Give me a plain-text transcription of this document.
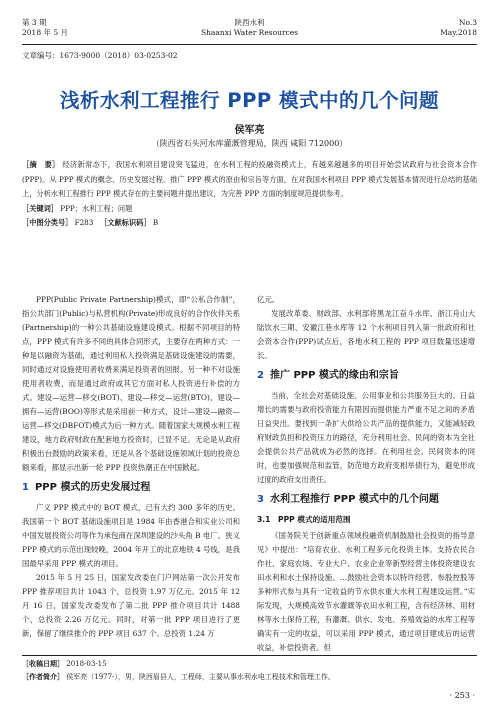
第 3 期
2018 年 5 月
陕西水利
Shaanxi Water Resources
No.3
May.2018
文章编号：1673-9000（2018）03-0253-02
浅析水利工程推行 PPP 模式中的几个问题
侯军亮
（陕西省石头河水库灌溉管理局，陕西 咸阳 712000）

［摘　要］ 经济新常态下，我国水利项目建设突飞猛进，在水利工程的投融资模式上，有越来越越多的项目开始尝试政府与社会资本合作(PPP)。从 PPP 模式的概念、历史发展过程、推广 PPP 模式的原由和宗旨等方面，在对我国水利项目 PPP 模式发展基本情况进行总结的基础上，分析水利工程推行 PPP 模式存在的主要问题并提出建议，为完善 PPP 方面的制度规范提供参考。

［关键词］ PPP；水利工程；问题

［中图分类号］ F283 ［文献标识码］ B

PPP(Public Private Partnership)模式，即“公私合作制”，指公共部门(Public)与私营机构(Private)形成良好的合作伙伴关系(Partnership)的一种公共基础设施建设模式。根据不同项目的特点，PPP 模式有许多不同的具体合同形式，主要存在两种方式：一种是以融资为基础，通过利用私人投资满足基础设施建设的需要，同时通过对设施使用者收费来满足投资者的回报。另一种不对设施使用者收费，而是通过政府或其它方面对私人投资进行补偿的方式。建设—运营—移交(BOT)、建设—移交—运营(BTO)、建设—拥有—运营(BOO)等形式是采用前一种方式，设计—建设—融资—运营—移交(DBFOT)模式为后一种方式。随着国家大规模水利工程建设，地方政府财政在配套地方投资时，已显不足。无论是从政府积极出台鼓励的政策来看，还是从各个基础设施领域计划的投资总额来看，都显示出新一轮 PPP 投资热潮正在中国掀起。

1 PPP 模式的历史发展过程

广义 PPP 模式中的 BOT 模式，已有大约 300 多年的历史。我国第一个 BOT 基础设施项目是 1984 年由香港合和实业公司和中国发展投资公司等作为承包商在深圳建设的沙头角 B 电厂。狭义 PPP 模式的示范出现较晚，2004 年开工的北京地铁 4 号线，是我国最早采用 PPP 模式的项目。

2015 年 5 月 25 日，国家发改委在门户网站第一次公开发布 PPP 推荐项目共计 1043 个，总投资 1.97 万亿元。2015 年 12 月 16 日，国家发改委发布了第二批 PPP 推介项目共计 1488 个，总投资 2.26 万亿元。同时，对第一批 PPP 项目进行了更新，保留了继续推介的 PPP 项目 637 个、总投资 1.24 万

亿元。

发展改革委、财政部、水利部将黑龙江奋斗水库、浙江舟山大陆饮水三期、安徽江巷水库等 12 个水利项目列入第一批政府和社会资本合作(PPP)试点后，各地水利工程的 PPP 项目数量迅速增长。

2 推广 PPP 模式的缘由和宗旨

当前，全社会对基础设施、公用事业和公共服务巨大的、日益增长的需要与政府投资能力有限因而提供能力严重不足之间的矛盾日益突出。要找到一条扩大供给公共产品的提供能力，又能减轻政府财政负担和投资压力的路径，充分利用社会、民间的资本为全社会提供公共产品就成为必然的选择。在利用社会、民间资本的同时，也要加强规范和监管，防范地方政府变相举债行为，避免形成过度的政府支出责任。

3 水利工程推行 PPP 模式中的几个问题
3.1　PPP 模式的适用范围

《国务院关于创新重点领域投融资机制鼓励社会投资的指导意见》中提出：“培育农业、水利工程多元化投资主体。支持农民合作社、家庭农场、专业大户、农业企业等新型经营主体投资建设农田水利和水土保持设施。…鼓励社会资本以特许经营、参股控股等多种形式参与具有一定收益的节水供水重大水利工程建设运营。”实际发现，大规模高效节水灌溉等农田水利工程，含有经济林、用材林等水土保持工程，有灌溉、供水、发电、养殖效益的水库工程等确实有一定的收益，可以采用 PPP 模式，通过项目建成后的运营收益，补偿投资者。但

［收稿日期］ 2018-03-15
［作者简介］ 侯军亮（1977-），男，陕西眉县人，工程师，主要从事水利水电工程技术和管理工作。
· 253 ·
